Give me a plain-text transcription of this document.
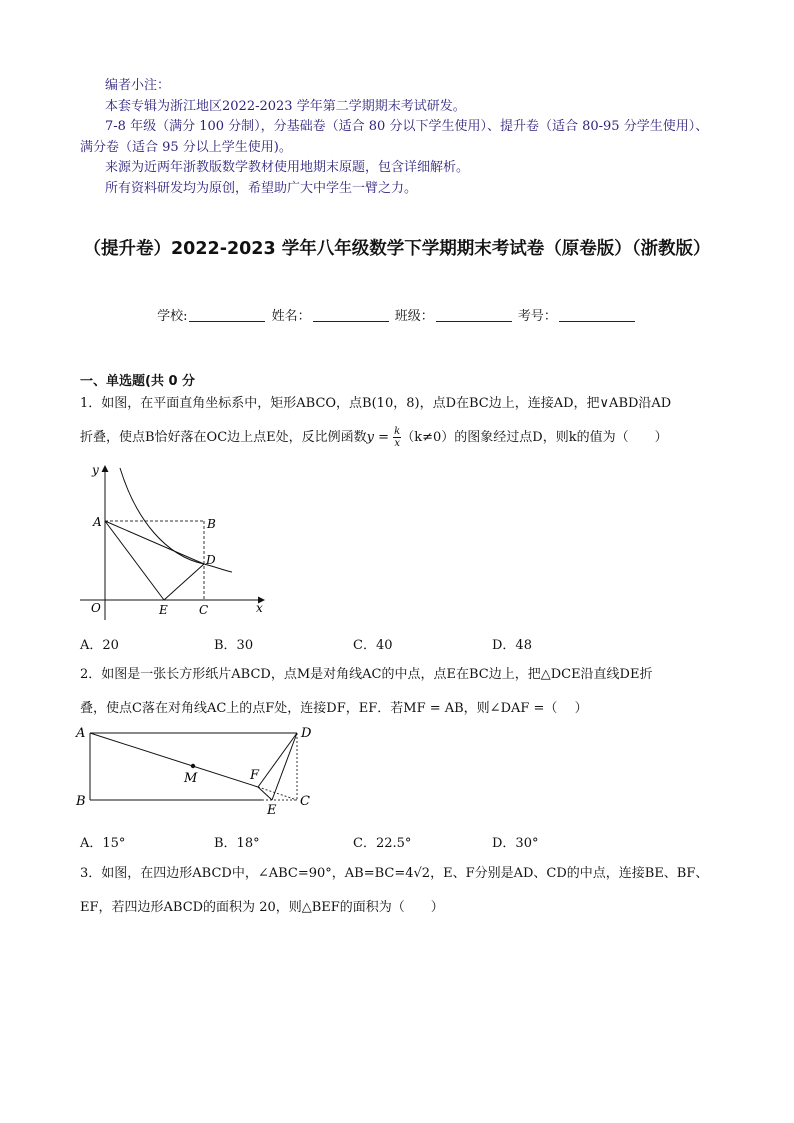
编者小注：

本套专辑为浙江地区2022-2023 学年第二学期期末考试研发。

7-8 年级（满分 100 分制），分基础卷（适合 80 分以下学生使用）、提升卷（适合 80-95 分学生使用）、满分卷（适合 95 分以上学生使用)。

来源为近两年浙教版数学教材使用地期末原题，包含详细解析。

所有资料研发均为原创，希望助广大中学生一臂之力。

（提升卷）2022-2023 学年八年级数学下学期期末考试卷（原卷版）（浙教版）
学校:	姓名：	班级：	考号：
一、单选题(共 0 分
1．如图，在平面直角坐标系中，矩形ABCO，点B(10，8)，点D在BC边上，连接AD，把∨ABD沿AD
折叠，使点B恰好落在OC边上点E处，反比例函数$y = \frac{k}{x} (k\ne 0)$的图象经过点D，则k的值为（　　）
y
x
O
A	B
C
D
E
A．20	B．30	C．40	D．48
2．如图是一张长方形纸片ABCD，点M是对角线AC的中点，点E在BC边上，把△DCE沿直线DE折
叠，使点C落在对角线AC上的点F处，连接DF，EF．若MF = AB，则∠DAF =（　 ）
A
B	C
D
E
F
M
A．15°	B．18°	C．22.5°	D．30°
3．如图，在四边形ABCD中，∠ABC=90°，AB=BC=4√2，E、F分别是AD、CD的中点，连接BE、BF、
EF，若四边形ABCD的面积为 20，则△BEF的面积为（　　）
